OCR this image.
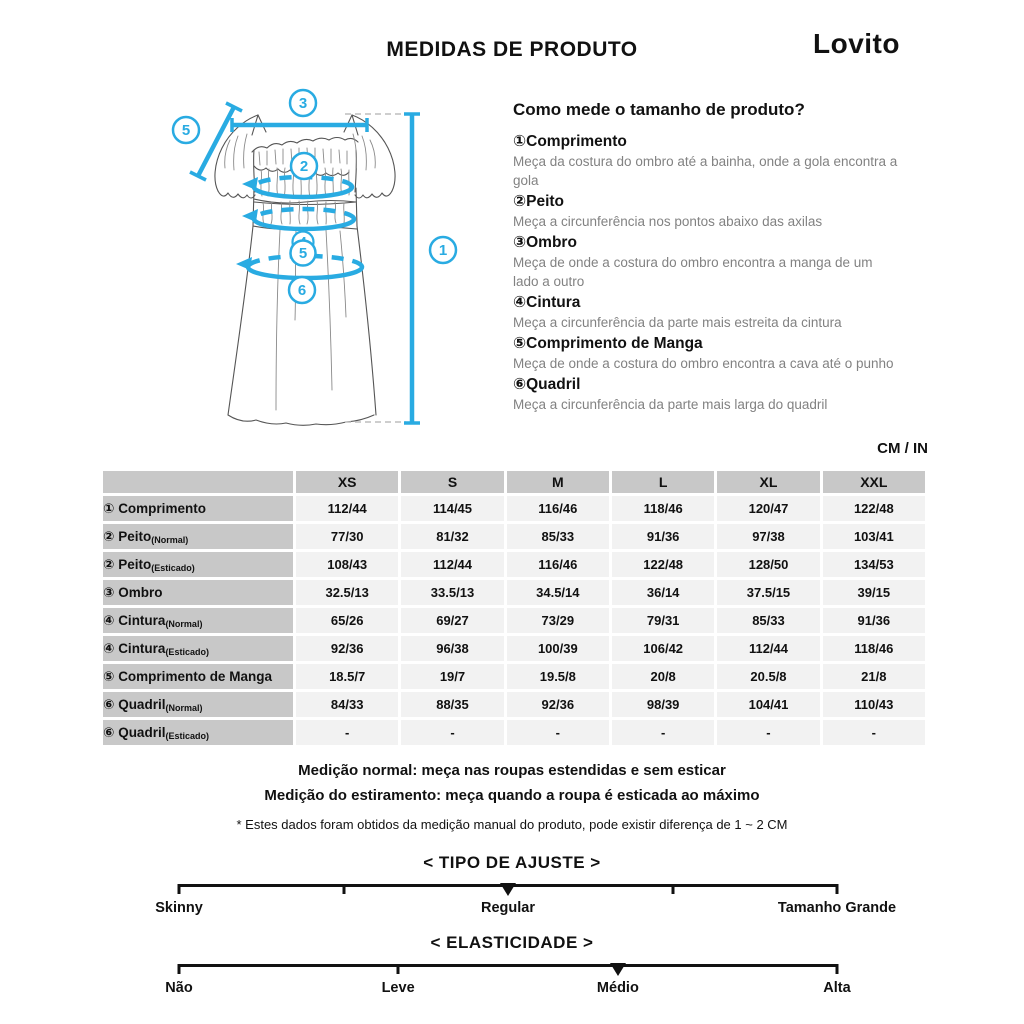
MEDIDAS DE PRODUTO	Lovito
3
5
2
5
6
1
Como mede o tamanho de produto?
①Comprimento
Meça da costura do ombro até a bainha, onde a gola encontra a gola
②Peito
Meça a circunferência nos pontos abaixo das axilas
③Ombro
Meça de onde a costura do ombro encontra a manga de um lado a outro
④Cintura
Meça a circunferência da parte mais estreita da cintura
⑤Comprimento de Manga
Meça de onde a costura do ombro encontra a cava até o punho
⑥Quadril
Meça a circunferência da parte mais larga do quadril
CM / IN
	XS	S	M	L	XL	XXL
① Comprimento	112/44	114/45	116/46	118/46	120/47	122/48
② Peito(Normal)	77/30	81/32	85/33	91/36	97/38	103/41
② Peito(Esticado)	108/43	112/44	116/46	122/48	128/50	134/53
③ Ombro	32.5/13	33.5/13	34.5/14	36/14	37.5/15	39/15
④ Cintura(Normal)	65/26	69/27	73/29	79/31	85/33	91/36
④ Cintura(Esticado)	92/36	96/38	100/39	106/42	112/44	118/46
⑤ Comprimento de Manga	18.5/7	19/7	19.5/8	20/8	20.5/8	21/8
⑥ Quadril(Normal)	84/33	88/35	92/36	98/39	104/41	110/43
⑥ Quadril(Esticado)	-	-	-	-	-	-
Medição normal: meça nas roupas estendidas e sem esticar
Medição do estiramento: meça quando a roupa é esticada ao máximo
* Estes dados foram obtidos da medição manual do produto, pode existir diferença de 1 ~ 2 CM
< TIPO DE AJUSTE >
Skinny	Regular	Tamanho Grande
< ELASTICIDADE >
Não	Leve	Médio	Alta
